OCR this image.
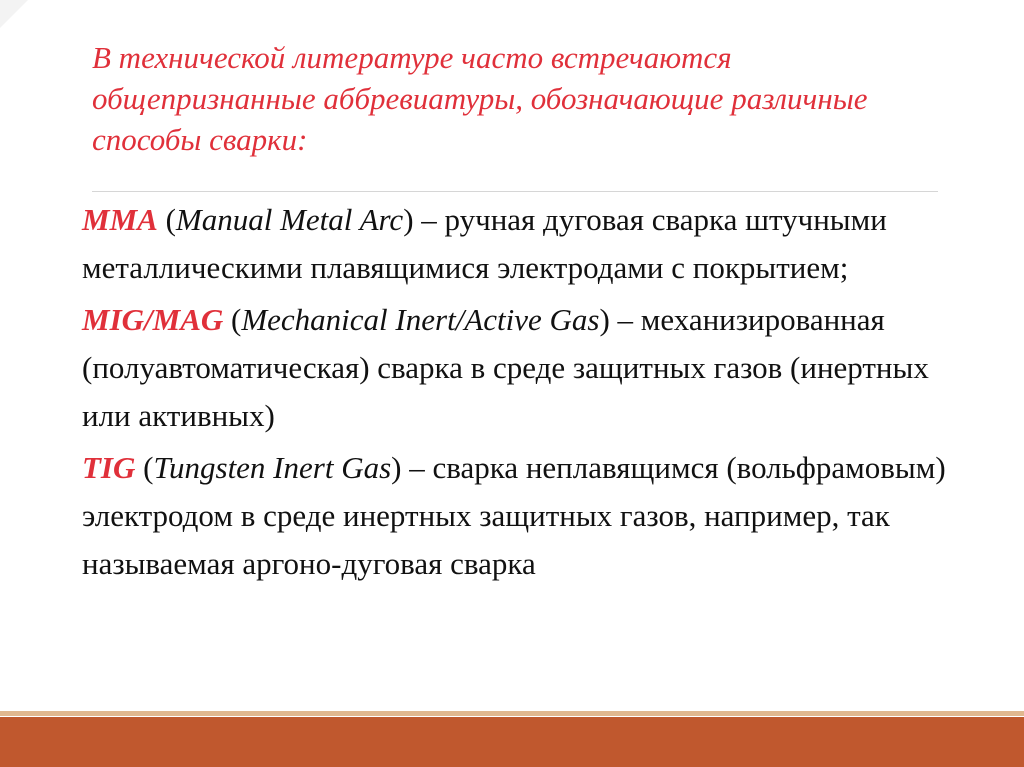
В технической литературе часто встречаются общепризнанные аббревиатуры, обозначающие различные способы сварки:

MMA (Manual Metal Arc) – ручная дуговая сварка штучными металлическими плавящимися электродами с покрытием;

MIG/MAG (Mechanical Inert/Active Gas) – механизированная (полуавтоматическая) сварка в среде защитных газов (инертных или активных)

TIG (Tungsten Inert Gas) – сварка неплавящимся (вольфрамовым) электродом в среде инертных защитных газов, например, так называемая аргоно-дуговая сварка
